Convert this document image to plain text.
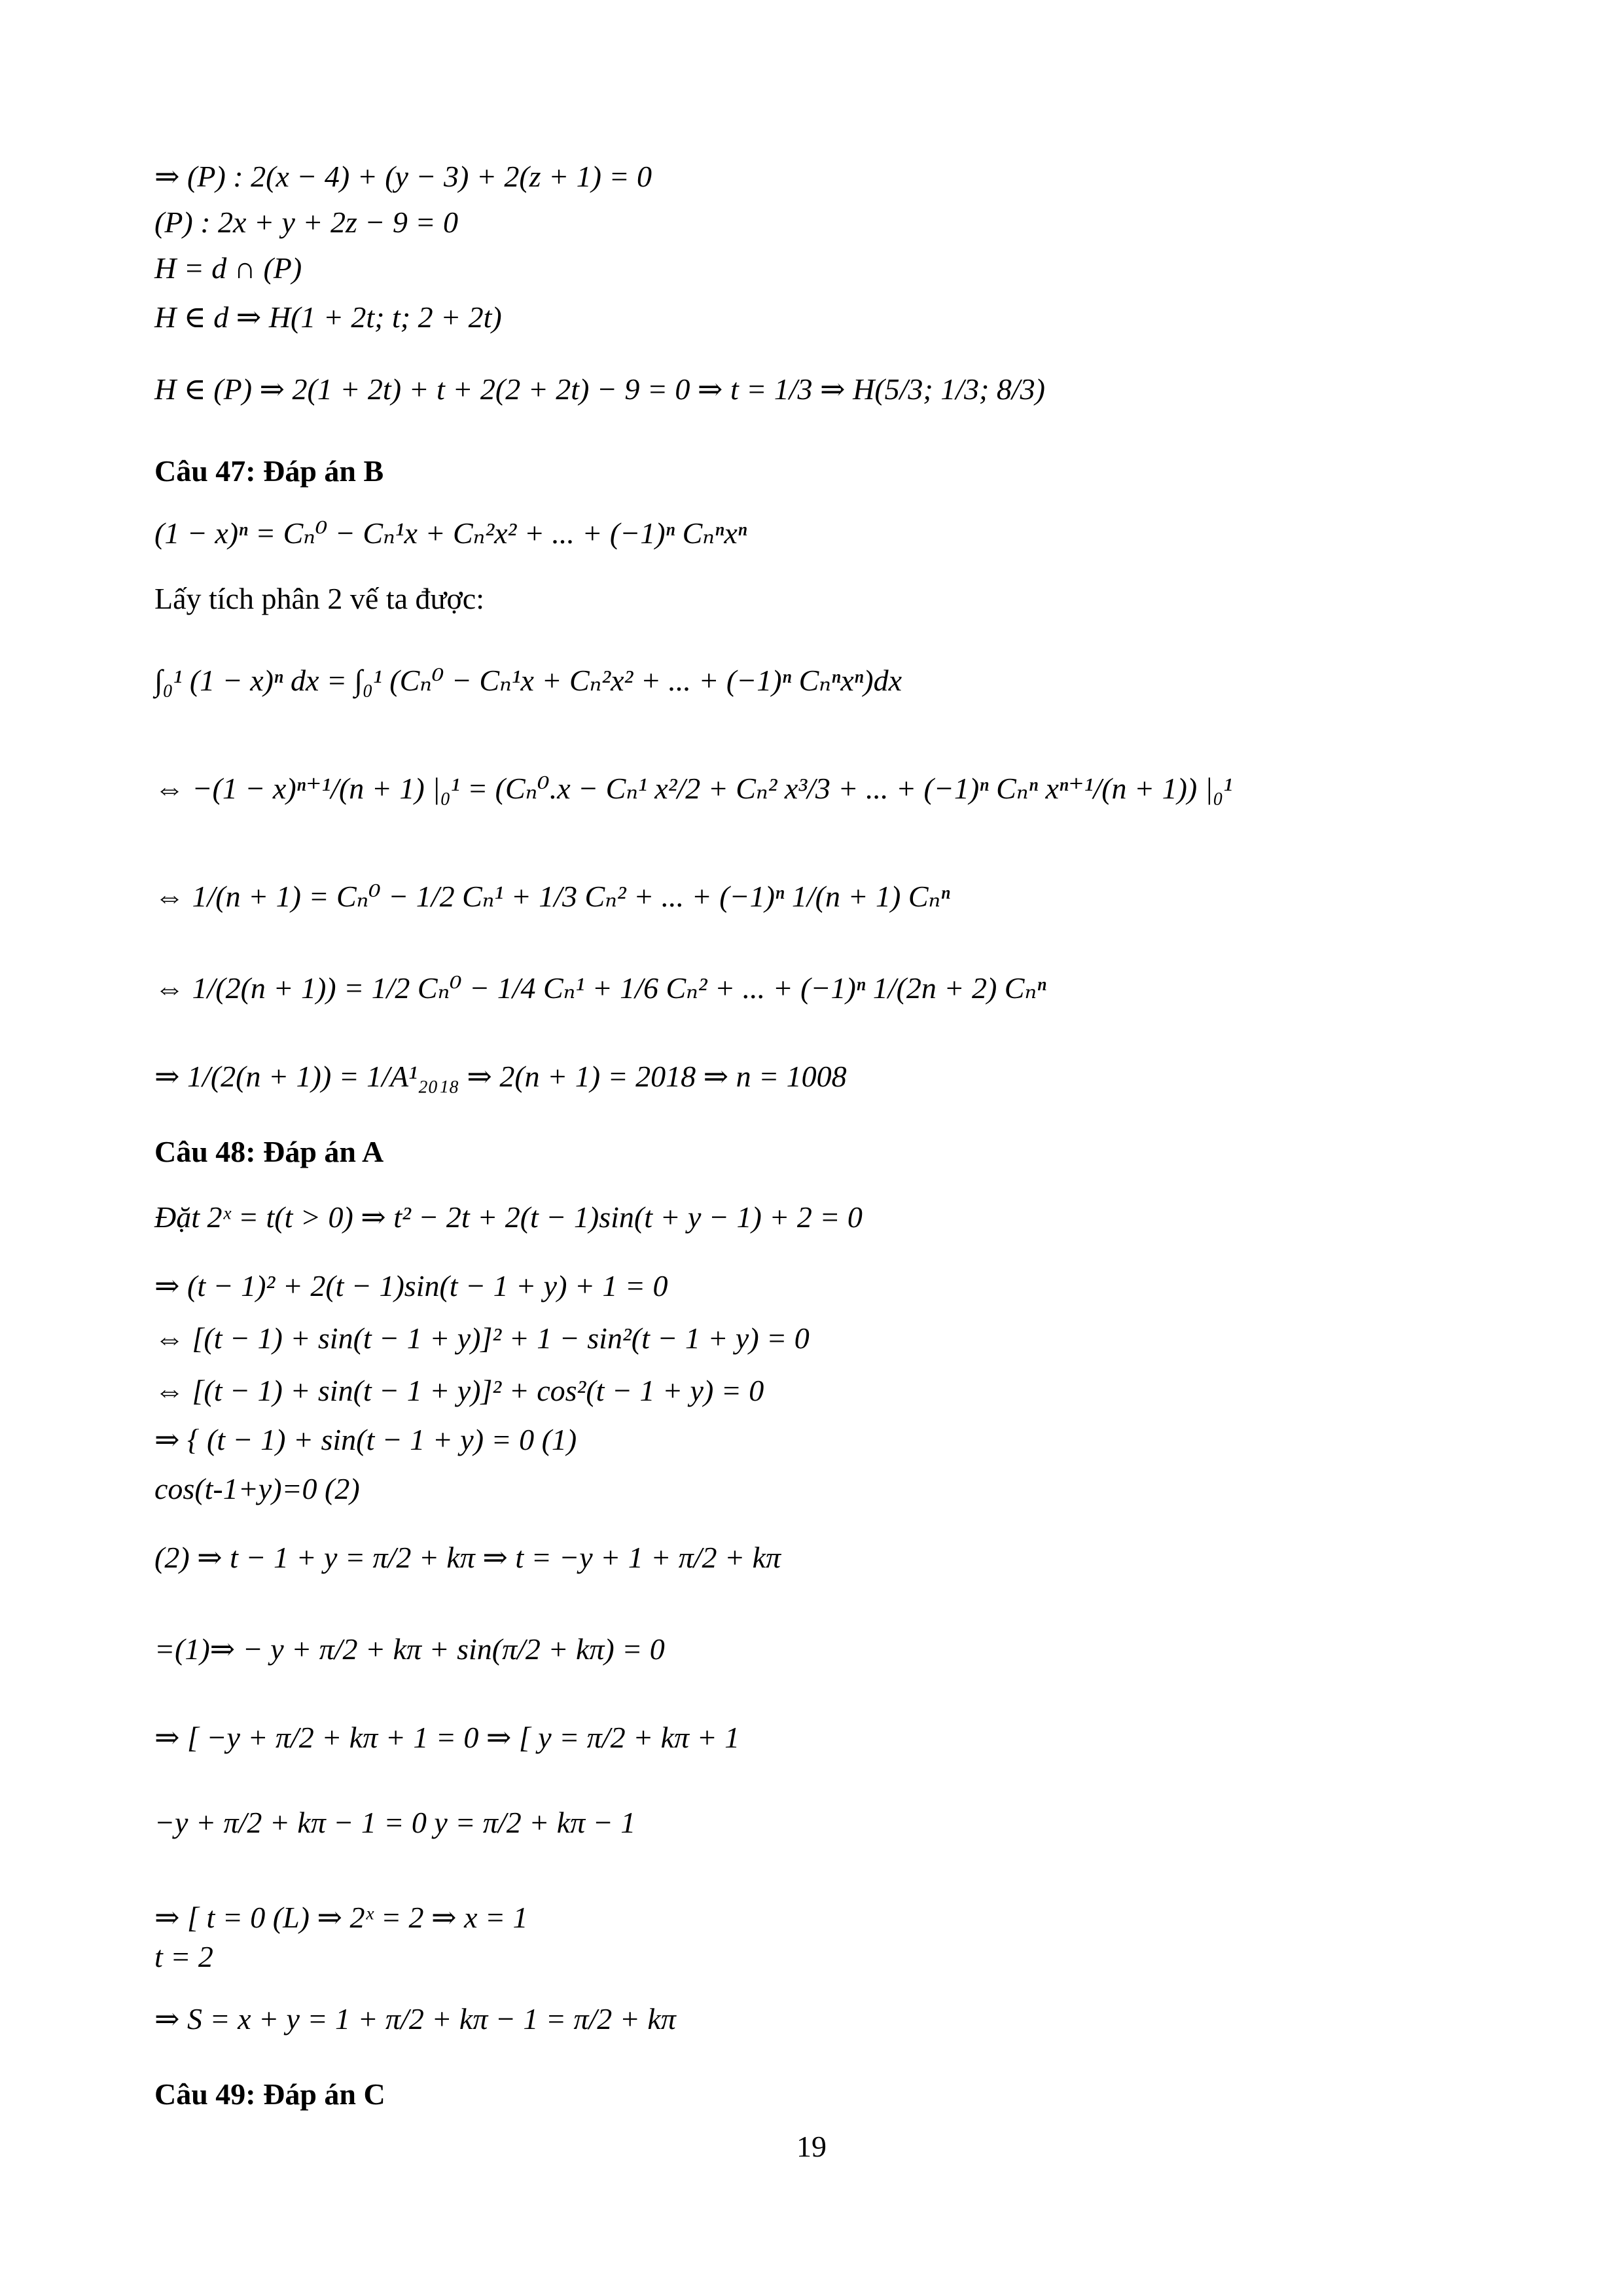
⇒ (P) : 2(x − 4) + (y − 3) + 2(z + 1) = 0
(P) : 2x + y + 2z − 9 = 0
H = d ∩ (P)
H ∈ d ⇒ H(1 + 2t; t; 2 + 2t)
H ∈ (P) ⇒ 2(1 + 2t) + t + 2(2 + 2t) − 9 = 0 ⇒ t = 1/3 ⇒ H(5/3; 1/3; 8/3)
Câu 47: Đáp án B
(1 − x)ⁿ = Cₙ⁰ − Cₙ¹x + Cₙ²x² + ... + (−1)ⁿ Cₙⁿxⁿ
Lấy tích phân 2 vế ta được:
∫₀¹ (1 − x)ⁿ dx = ∫₀¹ (Cₙ⁰ − Cₙ¹x + Cₙ²x² + ... + (−1)ⁿ Cₙⁿxⁿ)dx
⇔ −(1 − x)ⁿ⁺¹/(n + 1) |₀¹ = (Cₙ⁰.x − Cₙ¹ x²/2 + Cₙ² x³/3 + ... + (−1)ⁿ Cₙⁿ xⁿ⁺¹/(n + 1)) |₀¹
⇔ 1/(n + 1) = Cₙ⁰ − 1/2 Cₙ¹ + 1/3 Cₙ² + ... + (−1)ⁿ 1/(n + 1) Cₙⁿ
⇔ 1/(2(n + 1)) = 1/2 Cₙ⁰ − 1/4 Cₙ¹ + 1/6 Cₙ² + ... + (−1)ⁿ 1/(2n + 2) Cₙⁿ
⇒ 1/(2(n + 1)) = 1/A¹₂₀₁₈ ⇒ 2(n + 1) = 2018 ⇒ n = 1008
Câu 48: Đáp án A
Đặt 2ˣ = t(t > 0) ⇒ t² − 2t + 2(t − 1)sin(t + y − 1) + 2 = 0
⇒ (t − 1)² + 2(t − 1)sin(t − 1 + y) + 1 = 0
⇔ [(t − 1) + sin(t − 1 + y)]² + 1 − sin²(t − 1 + y) = 0
⇔ [(t − 1) + sin(t − 1 + y)]² + cos²(t − 1 + y) = 0
⇒ { (t − 1) + sin(t − 1 + y) = 0 (1)
cos(t-1+y)=0 (2)
(2) ⇒ t − 1 + y = π/2 + kπ ⇒ t = −y + 1 + π/2 + kπ
=(1)⇒ − y + π/2 + kπ + sin(π/2 + kπ) = 0
⇒ [ −y + π/2 + kπ + 1 = 0 ⇒ [ y = π/2 + kπ + 1
−y + π/2 + kπ − 1 = 0 y = π/2 + kπ − 1
⇒ [ t = 0 (L) ⇒ 2ˣ = 2 ⇒ x = 1
t = 2
⇒ S = x + y = 1 + π/2 + kπ − 1 = π/2 + kπ
Câu 49: Đáp án C
19
